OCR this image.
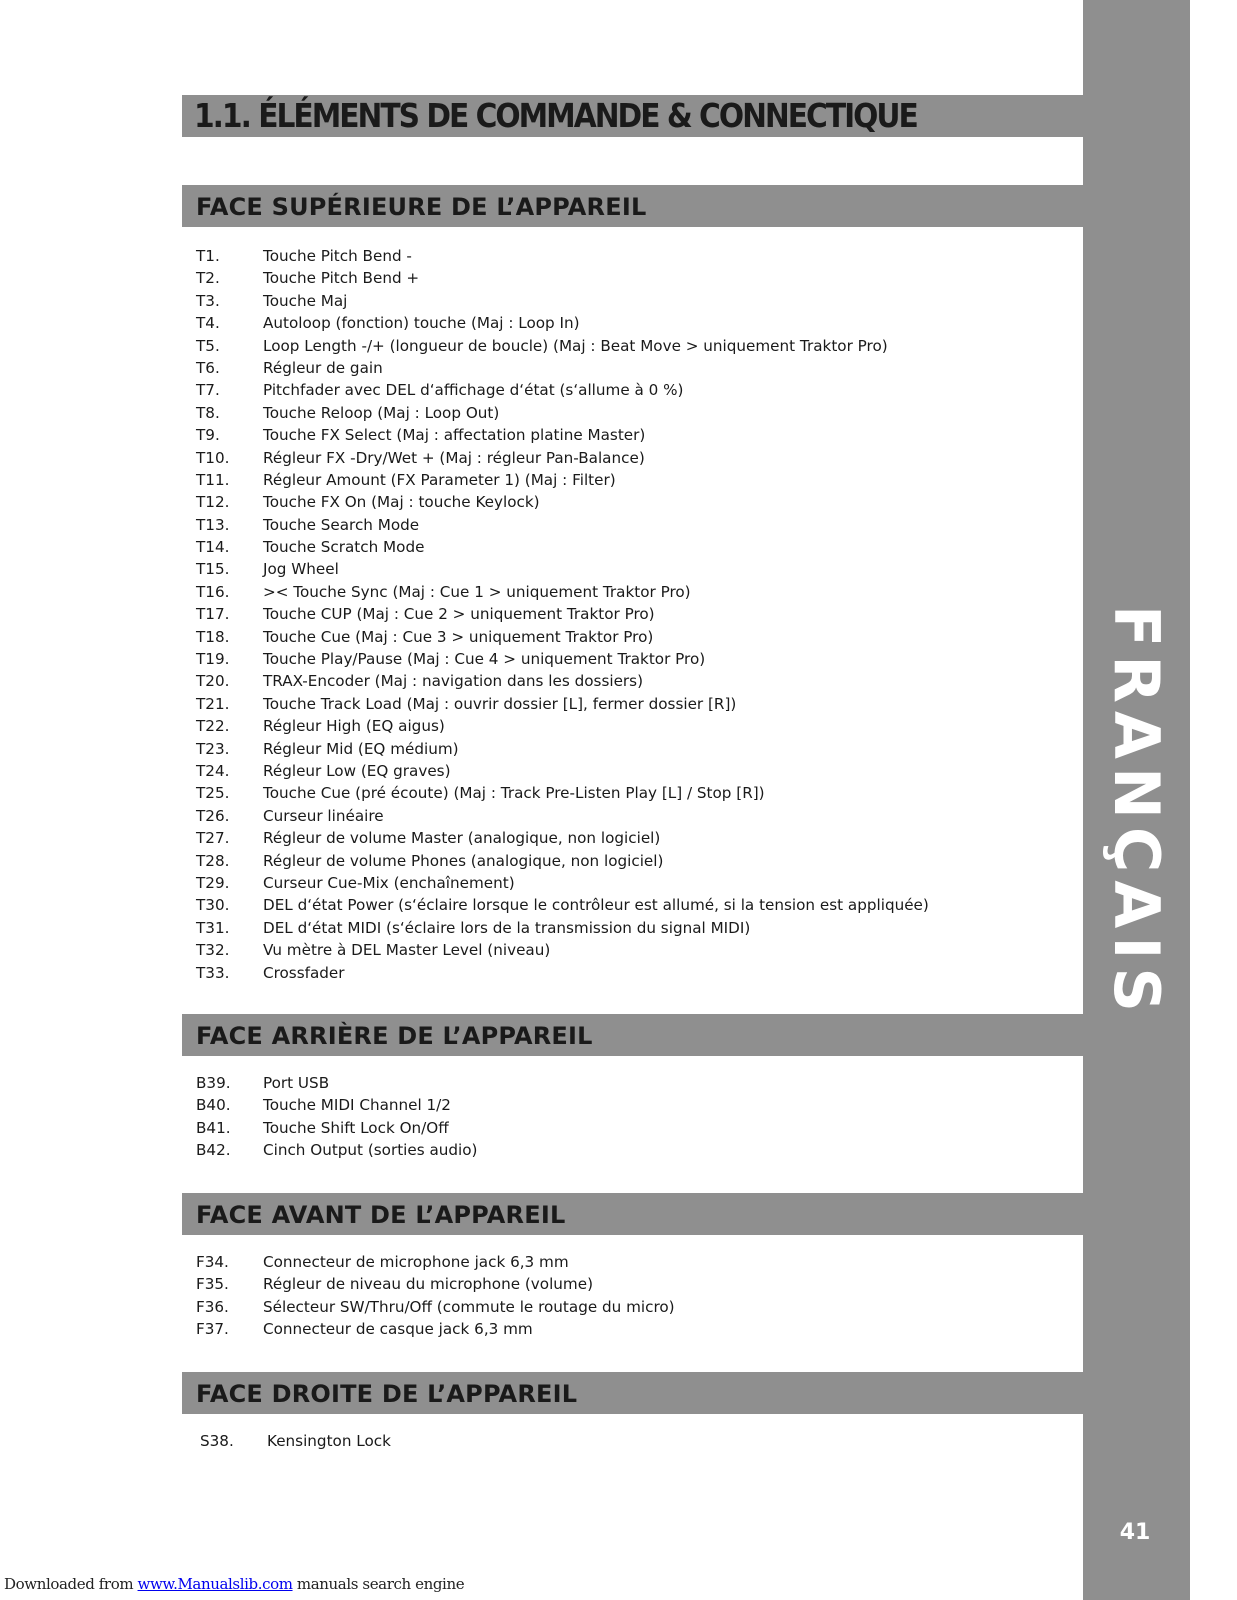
FRANÇAIS
41
1.1. ÉLÉMENTS DE COMMANDE & CONNECTIQUE
FACE SUPÉRIEURE DE L’APPAREIL
T1.	Touche Pitch Bend -
T2.	Touche Pitch Bend +
T3.	Touche Maj
T4.	Autoloop (fonction) touche (Maj : Loop In)
T5.	Loop Length -/+ (longueur de boucle) (Maj : Beat Move > uniquement Traktor Pro)
T6.	Régleur de gain
T7.	Pitchfader avec DEL d‘affichage d‘état (s‘allume à 0 %)
T8.	Touche Reloop (Maj : Loop Out)
T9.	Touche FX Select (Maj : affectation platine Master)
T10. Régleur FX -Dry/Wet + (Maj : régleur Pan-Balance)
T11. Régleur Amount (FX Parameter 1) (Maj : Filter)
T12. Touche FX On (Maj : touche Keylock)
T13. Touche Search Mode
T14. Touche Scratch Mode
T15. Jog Wheel
T16. >< Touche Sync (Maj : Cue 1 > uniquement Traktor Pro)
T17. Touche CUP (Maj : Cue 2 > uniquement Traktor Pro)
T18. Touche Cue (Maj : Cue 3 > uniquement Traktor Pro)
T19. Touche Play/Pause (Maj : Cue 4 > uniquement Traktor Pro)
T20. TRAX-Encoder (Maj : navigation dans les dossiers)
T21. Touche Track Load (Maj : ouvrir dossier [L], fermer dossier [R])
T22. Régleur High (EQ aigus)
T23. Régleur Mid (EQ médium)
T24. Régleur Low (EQ graves)
T25. Touche Cue (pré écoute) (Maj : Track Pre-Listen Play [L] / Stop [R])
T26. Curseur linéaire
T27. Régleur de volume Master (analogique, non logiciel)
T28. Régleur de volume Phones (analogique, non logiciel)
T29. Curseur Cue-Mix (enchaînement)
T30. DEL d‘état Power (s‘éclaire lorsque le contrôleur est allumé, si la tension est appliquée)
T31. DEL d‘état MIDI (s‘éclaire lors de la transmission du signal MIDI)
T32. Vu mètre à DEL Master Level (niveau)
T33. Crossfader
FACE ARRIÈRE DE L’APPAREIL
B39. Port USB
B40. Touche MIDI Channel 1/2
B41. Touche Shift Lock On/Off
B42. Cinch Output (sorties audio)
FACE AVANT DE L’APPAREIL
F34. Connecteur de microphone jack 6,3 mm
F35. Régleur de niveau du microphone (volume)
F36. Sélecteur SW/Thru/Off (commute le routage du micro)
F37. Connecteur de casque jack 6,3 mm
FACE DROITE DE L’APPAREIL
S38. Kensington Lock
Downloaded from www.Manualslib.com manuals search engine
